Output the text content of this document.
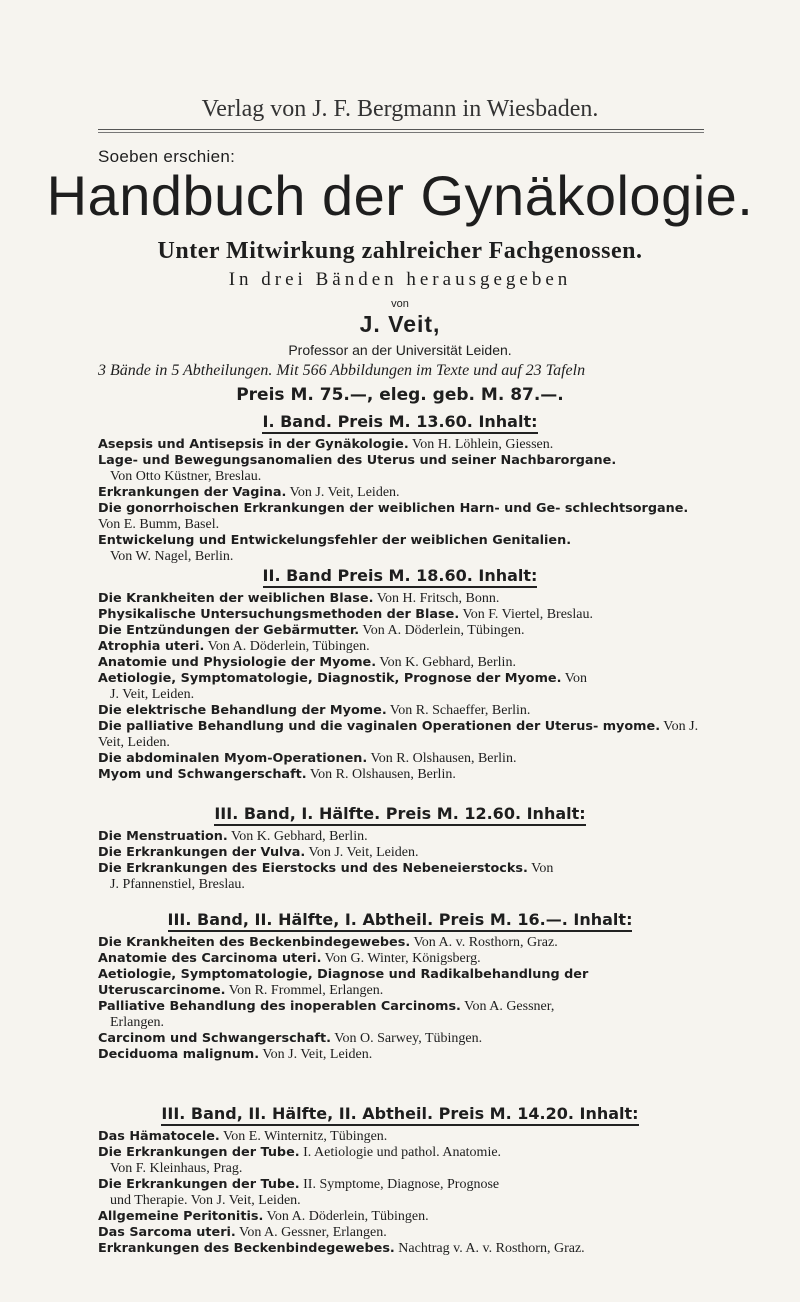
Verlag von J. F. Bergmann in Wiesbaden.
Soeben erschien:
Handbuch der Gynäkologie.
Unter Mitwirkung zahlreicher Fachgenossen.
In drei Bänden herausgegeben
von
J. Veit,
Professor an der Universität Leiden.
3 Bände in 5 Abtheilungen. Mit 566 Abbildungen im Texte und auf 23 Tafeln
Preis M. 75.—, eleg. geb. M. 87.—.
I. Band. Preis M. 13.60. Inhalt:

Asepsis und Antisepsis in der Gynäkologie. Von H. Löhlein, Giessen.

Lage- und Bewegungsanomalien des Uterus und seiner Nachbarorgane.
Von Otto Küstner, Breslau.

Erkrankungen der Vagina. Von J. Veit, Leiden.

Die gonorrhoischen Erkrankungen der weiblichen Harn- und Ge- schlechtsorgane. Von E. Bumm, Basel.

Entwickelung und Entwickelungsfehler der weiblichen Genitalien.
Von W. Nagel, Berlin.

II. Band Preis M. 18.60. Inhalt:

Die Krankheiten der weiblichen Blase. Von H. Fritsch, Bonn.

Physikalische Untersuchungsmethoden der Blase. Von F. Viertel, Breslau.

Die Entzündungen der Gebärmutter. Von A. Döderlein, Tübingen.

Atrophia uteri. Von A. Döderlein, Tübingen.

Anatomie und Physiologie der Myome. Von K. Gebhard, Berlin.

Aetiologie, Symptomatologie, Diagnostik, Prognose der Myome. Von
J. Veit, Leiden.

Die elektrische Behandlung der Myome. Von R. Schaeffer, Berlin.

Die palliative Behandlung und die vaginalen Operationen der Uterus- myome. Von J. Veit, Leiden.

Die abdominalen Myom-Operationen. Von R. Olshausen, Berlin.

Myom und Schwangerschaft. Von R. Olshausen, Berlin.

III. Band, I. Hälfte. Preis M. 12.60. Inhalt:

Die Menstruation. Von K. Gebhard, Berlin.

Die Erkrankungen der Vulva. Von J. Veit, Leiden.

Die Erkrankungen des Eierstocks und des Nebeneierstocks. Von
J. Pfannenstiel, Breslau.

III. Band, II. Hälfte, I. Abtheil. Preis M. 16.—. Inhalt:

Die Krankheiten des Beckenbindegewebes. Von A. v. Rosthorn, Graz.

Anatomie des Carcinoma uteri. Von G. Winter, Königsberg.

Aetiologie, Symptomatologie, Diagnose und Radikalbehandlung der Uteruscarcinome. Von R. Frommel, Erlangen.

Palliative Behandlung des inoperablen Carcinoms. Von A. Gessner,
Erlangen.

Carcinom und Schwangerschaft. Von O. Sarwey, Tübingen.

Deciduoma malignum. Von J. Veit, Leiden.

III. Band, II. Hälfte, II. Abtheil. Preis M. 14.20. Inhalt:

Das Hämatocele. Von E. Winternitz, Tübingen.

Die Erkrankungen der Tube. I. Aetiologie und pathol. Anatomie.
Von F. Kleinhaus, Prag.

Die Erkrankungen der Tube. II. Symptome, Diagnose, Prognose
und Therapie. Von J. Veit, Leiden.

Allgemeine Peritonitis. Von A. Döderlein, Tübingen.

Das Sarcoma uteri. Von A. Gessner, Erlangen.

Erkrankungen des Beckenbindegewebes. Nachtrag v. A. v. Rosthorn, Graz.
